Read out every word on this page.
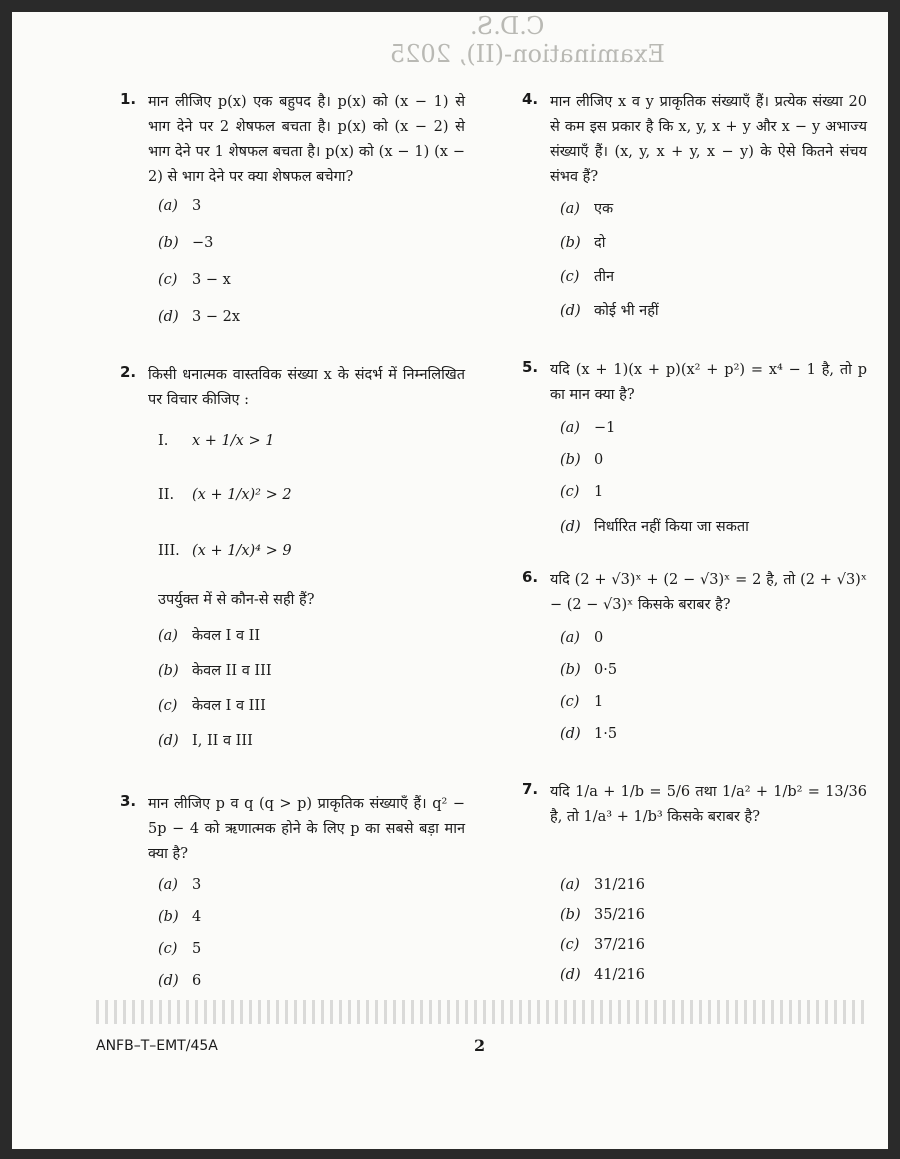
C.D.S.
Examination-(II), 2025
1. मान लीजिए p(x) एक बहुपद है। p(x) को (x − 1) से भाग देने पर 2 शेषफल बचता है। p(x) को (x − 2) से भाग देने पर 1 शेषफल बचता है। p(x) को (x − 1) (x − 2) से भाग देने पर क्या शेषफल बचेगा?
(a) 3
(b) −3
(c) 3 − x
(d) 3 − 2x
2. किसी धनात्मक वास्तविक संख्या x के संदर्भ में निम्नलिखित पर विचार कीजिए :
I. x + 1/x > 1
II. (x + 1/x)² > 2
III. (x + 1/x)⁴ > 9
उपर्युक्त में से कौन-से सही हैं?
(a) केवल I व II
(b) केवल II व III
(c) केवल I व III
(d) I, II व III
3. मान लीजिए p व q (q > p) प्राकृतिक संख्याएँ हैं। q² − 5p − 4 को ऋणात्मक होने के लिए p का सबसे बड़ा मान क्या है?
(a) 3
(b) 4
(c) 5
(d) 6
4. मान लीजिए x व y प्राकृतिक संख्याएँ हैं। प्रत्येक संख्या 20 से कम इस प्रकार है कि x, y, x + y और x − y अभाज्य संख्याएँ हैं। (x, y, x + y, x − y) के ऐसे कितने संचय संभव हैं?
(a) एक
(b) दो
(c) तीन
(d) कोई भी नहीं
5. यदि (x + 1)(x + p)(x² + p²) = x⁴ − 1 है, तो p का मान क्या है?
(a) −1
(b) 0
(c) 1
(d) निर्धारित नहीं किया जा सकता
6. यदि (2 + √3)ˣ + (2 − √3)ˣ = 2 है, तो (2 + √3)ˣ − (2 − √3)ˣ किसके बराबर है?
(a) 0
(b) 0·5
(c) 1
(d) 1·5
7. यदि 1/a + 1/b = 5/6 तथा 1/a² + 1/b² = 13/36 है, तो 1/a³ + 1/b³ किसके बराबर है?
(a) 31/216
(b) 35/216
(c) 37/216
(d) 41/216
ANFB–T–EMT/45A	2
